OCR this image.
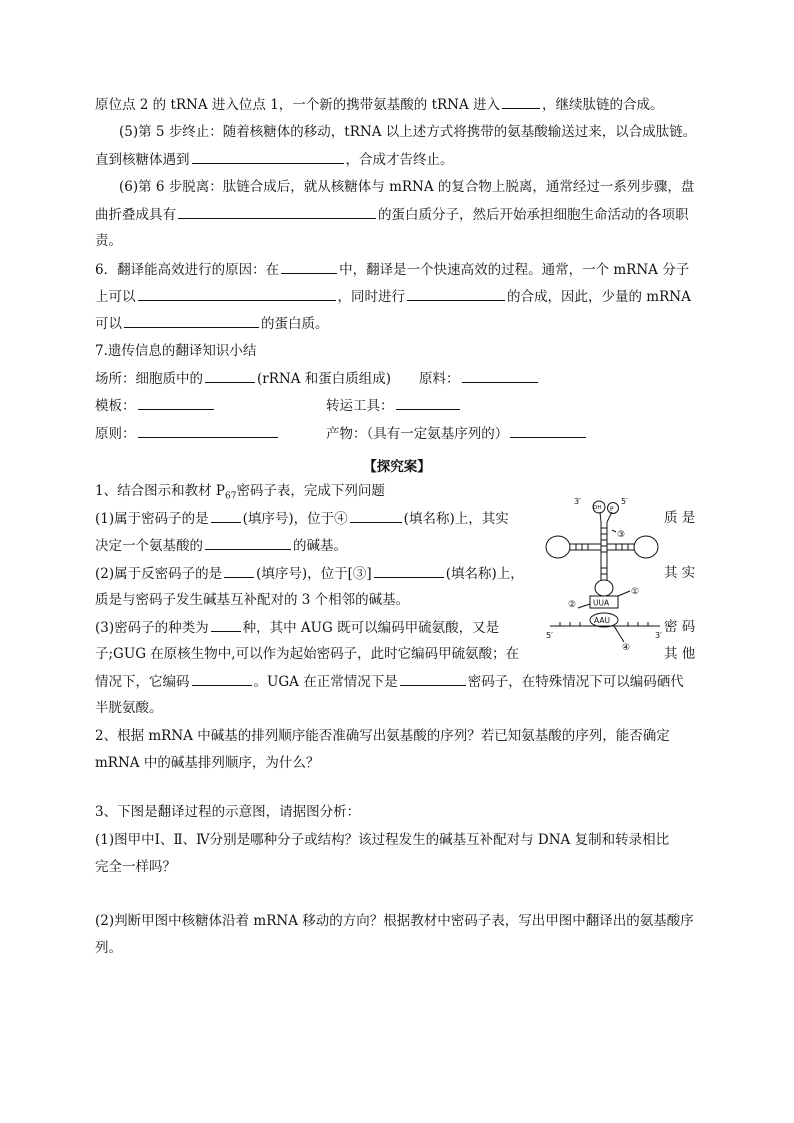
原位点 2 的 tRNA 进入位点 1，一个新的携带氨基酸的 tRNA 进入	，继续肽链的合成。
(5)第 5 步终止：随着核糖体的移动，tRNA 以上述方式将携带的氨基酸输送过来，以合成肽链。
直到核糖体遇到	，合成才告终止。
(6)第 6 步脱离：肽链合成后，就从核糖体与 mRNA 的复合物上脱离，通常经过一系列步骤，盘
曲折叠成具有	的蛋白质分子，然后开始承担细胞生命活动的各项职
责。
6．翻译能高效进行的原因：在	中，翻译是一个快速高效的过程。通常，一个 mRNA 分子
上可以	，同时进行	的合成，因此，少量的 mRNA
可以	的蛋白质。
7.遗传信息的翻译知识小结
场所：细胞质中的	(rRNA 和蛋白质组成) 原料：
模板：	转运工具：
原则：	产物：（具有一定氨基序列的）
【探究案】
1、结合图示和教材 $P_{67}$密码子表，完成下列问题
(1)属于密码子的是	(填序号)，位于④	(填名称)上，其实	质 是
决定一个氨基酸的	的碱基。
(2)属于反密码子的是	(填序号)，位于[③]	(填名称)上，	其 实
质是与密码子发生碱基互补配对的 3 个相邻的碱基。
(3)密码子的种类为	种，其中 AUG 既可以编码甲硫氨酸，又是	密 码
子;GUG 在原核生物中,可以作为起始密码子，此时它编码甲硫氨酸；在	其 他
情况下，它编码	。UGA 在正常情况下是	密码子，在特殊情况下可以编码硒代
半胱氨酸。
2、根据 mRNA 中碱基的排列顺序能否准确写出氨基酸的序列？若已知氨基酸的序列，能否确定
mRNA 中的碱基排列顺序，为什么？
3、下图是翻译过程的示意图，请据图分析：
(1)图甲中Ⅰ、Ⅱ、Ⅳ分别是哪种分子或结构？该过程发生的碱基互补配对与 DNA 复制和转录相比
完全一样吗？
(2)判断甲图中核糖体沿着 mRNA 移动的方向？根据教材中密码子表，写出甲图中翻译出的氨基酸序
列。
3′
OH
5′
P
③
①
UUA
②
AAU
5′	3′
④
